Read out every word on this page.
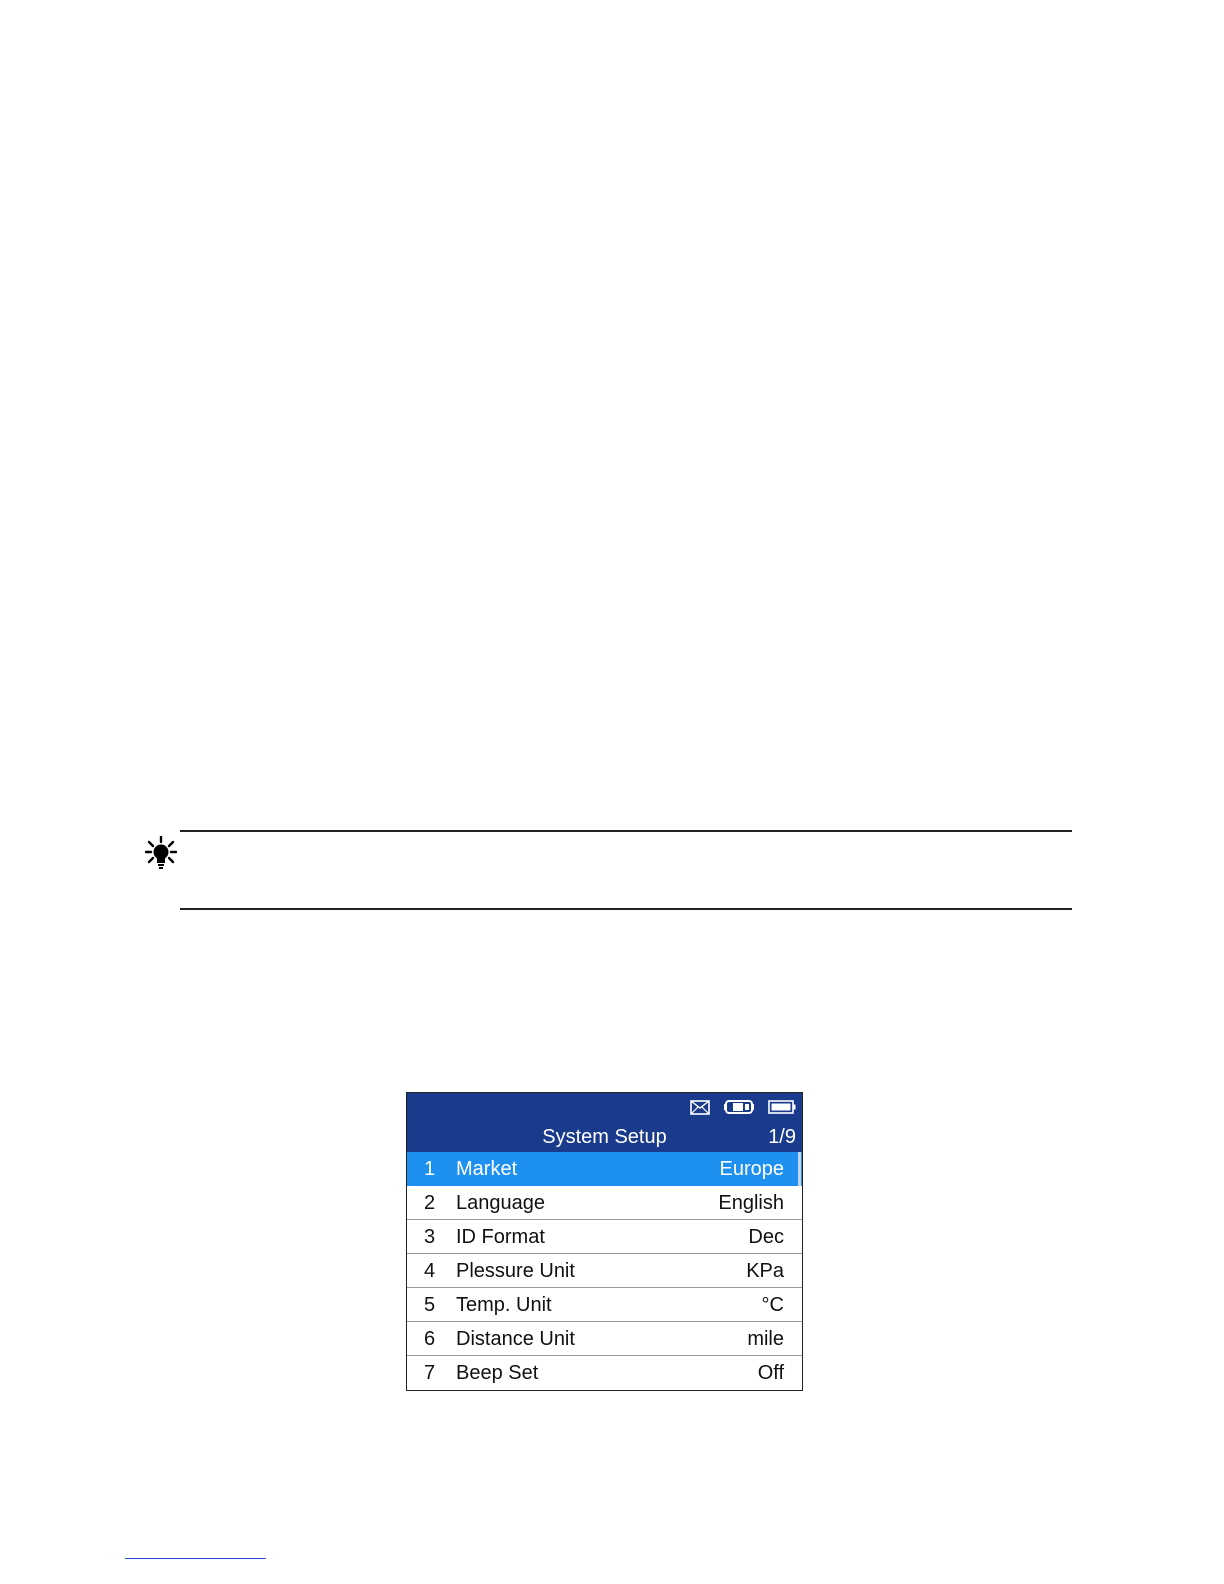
System Setup	1/9
1 Market	Europe
2 Language	English
3 ID Format	Dec
4 Plessure Unit	KPa
5 Temp. Unit	°C
6 Distance Unit	mile
7 Beep Set	Off
